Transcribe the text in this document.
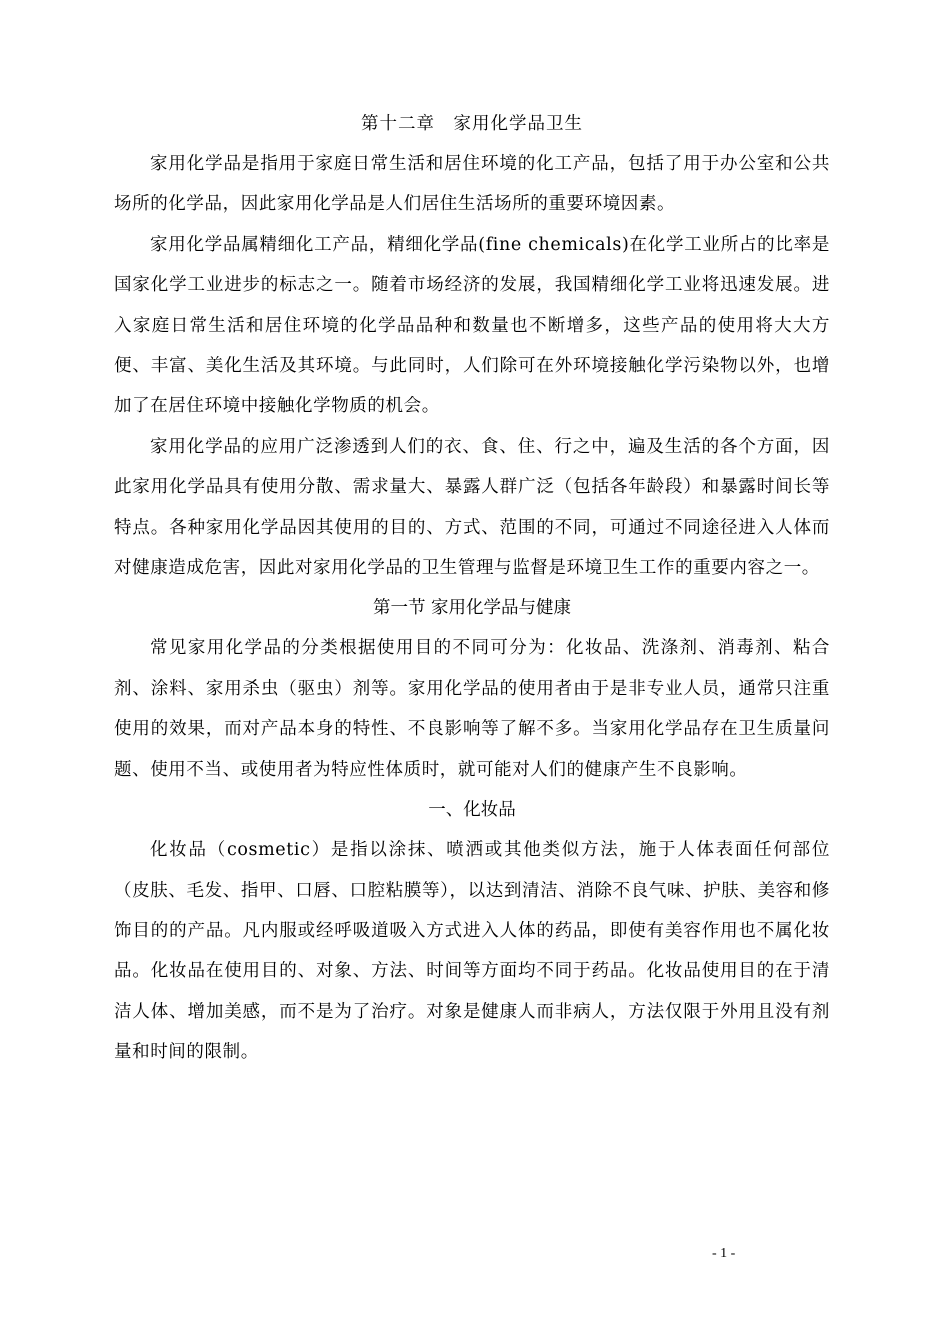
第十二章　家用化学品卫生

家用化学品是指用于家庭日常生活和居住环境的化工产品，包括了用于办公室和公共场所的化学品，因此家用化学品是人们居住生活场所的重要环境因素。

家用化学品属精细化工产品，精细化学品(fine chemicals)在化学工业所占的比率是国家化学工业进步的标志之一。随着市场经济的发展，我国精细化学工业将迅速发展。进入家庭日常生活和居住环境的化学品品种和数量也不断增多，这些产品的使用将大大方便、丰富、美化生活及其环境。与此同时，人们除可在外环境接触化学污染物以外，也增加了在居住环境中接触化学物质的机会。

家用化学品的应用广泛渗透到人们的衣、食、住、行之中，遍及生活的各个方面，因此家用化学品具有使用分散、需求量大、暴露人群广泛（包括各年龄段）和暴露时间长等特点。各种家用化学品因其使用的目的、方式、范围的不同，可通过不同途径进入人体而对健康造成危害，因此对家用化学品的卫生管理与监督是环境卫生工作的重要内容之一。

第一节 家用化学品与健康

常见家用化学品的分类根据使用目的不同可分为：化妆品、洗涤剂、消毒剂、粘合剂、涂料、家用杀虫（驱虫）剂等。家用化学品的使用者由于是非专业人员，通常只注重使用的效果，而对产品本身的特性、不良影响等了解不多。当家用化学品存在卫生质量问题、使用不当、或使用者为特应性体质时，就可能对人们的健康产生不良影响。

一、化妆品

化妆品（cosmetic）是指以涂抹、喷洒或其他类似方法，施于人体表面任何部位（皮肤、毛发、指甲、口唇、口腔粘膜等），以达到清洁、消除不良气味、护肤、美容和修饰目的的产品。凡内服或经呼吸道吸入方式进入人体的药品，即使有美容作用也不属化妆品。化妆品在使用目的、对象、方法、时间等方面均不同于药品。化妆品使用目的在于清洁人体、增加美感，而不是为了治疗。对象是健康人而非病人，方法仅限于外用且没有剂量和时间的限制。

- 1 -
